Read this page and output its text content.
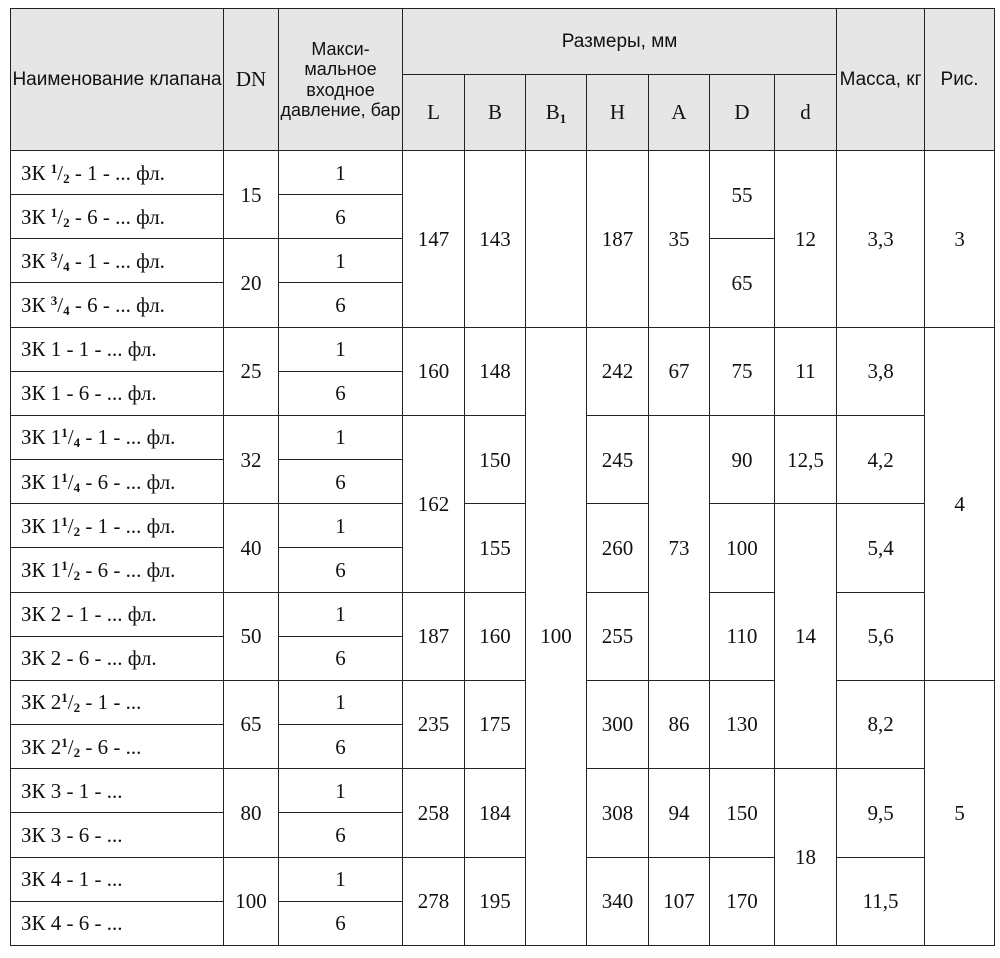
Наименование клапана	DN	Макси- мальное входное давление, бар	Размеры, мм							Масса, кг	Рис.
			L	B	$B_1$	H	A	D	d		
ЗК $^1/_2 - 1$ - ... фл.	15	1	147	143		187	35	55	12	3,3	3
ЗК $^1/_2 - 6$ - ... фл.		6									
ЗК $^3/_4 - 1$ - ... фл.	20	1						65			
ЗК $^3/_4 - 6$ - ... фл.		6									
ЗК 1 - 1 - ... фл.	25	1	160	148	100	242	67	75	11	3,8	4
ЗК 1 - 6 - ... фл.		6									
ЗК $1^1/_4 - 1$ - ... фл.	32	1	162	150		245	73	90	12,5	4,2	
ЗК $1^1/_4 - 6$ - ... фл.		6									
ЗК $1^1/_2 - 1$ - ... фл.	40	1		155		260		100	14	5,4	
ЗК $1^1/_2 - 6$ - ... фл.		6									
ЗК 2 - 1 - ... фл.	50	1	187	160		255		110		5,6	
ЗК 2 - 6 - ... фл.		6									
ЗК $2^1/_2 - 1$ - ...	65	1	235	175		300	86	130		8,2	5
ЗК $2^1/_2 - 6$ - ...		6									
ЗК 3 - 1 - ...	80	1	258	184		308	94	150	18	9,5	
ЗК 3 - 6 - ...		6									
ЗК 4 - 1 - ...	100	1	278	195		340	107	170		11,5	
ЗК 4 - 6 - ...		6									
